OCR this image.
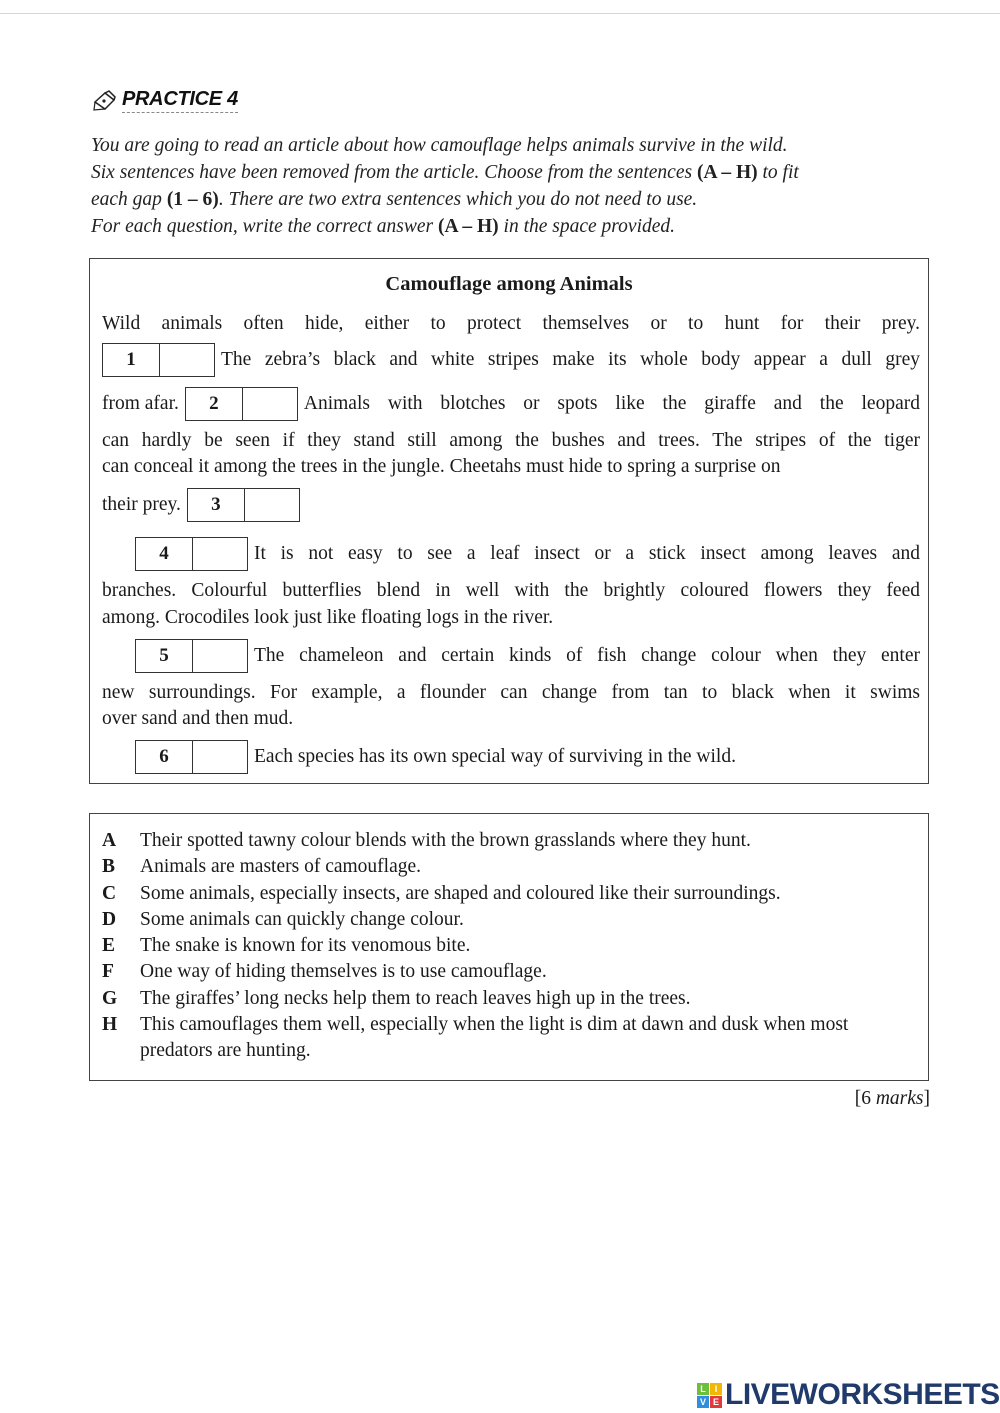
PRACTICE 4
You are going to read an article about how camouflage helps animals survive in the wild.
Six sentences have been removed from the article. Choose from the sentences (A – H) to fit
each gap (1 – 6). There are two extra sentences which you do not need to use.
For each question, write the correct answer (A – H) in the space provided.
Camouflage among Animals
Wild animals often hide, either to protect themselves or to hunt for their prey.
1	The zebra’s black and white stripes make its whole body appear a dull grey
from afar.	2	Animals with blotches or spots like the giraffe and the leopard
can hardly be seen if they stand still among the bushes and trees. The stripes of the tiger
can conceal it among the trees in the jungle. Cheetahs must hide to spring a surprise on
their prey.	3
4	It is not easy to see a leaf insect or a stick insect among leaves and
branches. Colourful butterflies blend in well with the brightly coloured flowers they feed
among. Crocodiles look just like floating logs in the river.
5	The chameleon and certain kinds of fish change colour when they enter
new surroundings. For example, a flounder can change from tan to black when it swims
over sand and then mud.
6	Each species has its own special way of surviving in the wild.
A	Their spotted tawny colour blends with the brown grasslands where they hunt.
B	Animals are masters of camouflage.
C	Some animals, especially insects, are shaped and coloured like their surroundings.
D	Some animals can quickly change colour.
E	The snake is known for its venomous bite.
F	One way of hiding themselves is to use camouflage.
G	The giraffes’ long necks help them to reach leaves high up in the trees.
H	This camouflages them well, especially when the light is dim at dawn and dusk when most predators are hunting.
[6 marks]
L I
V E LIVEWORKSHEETS
